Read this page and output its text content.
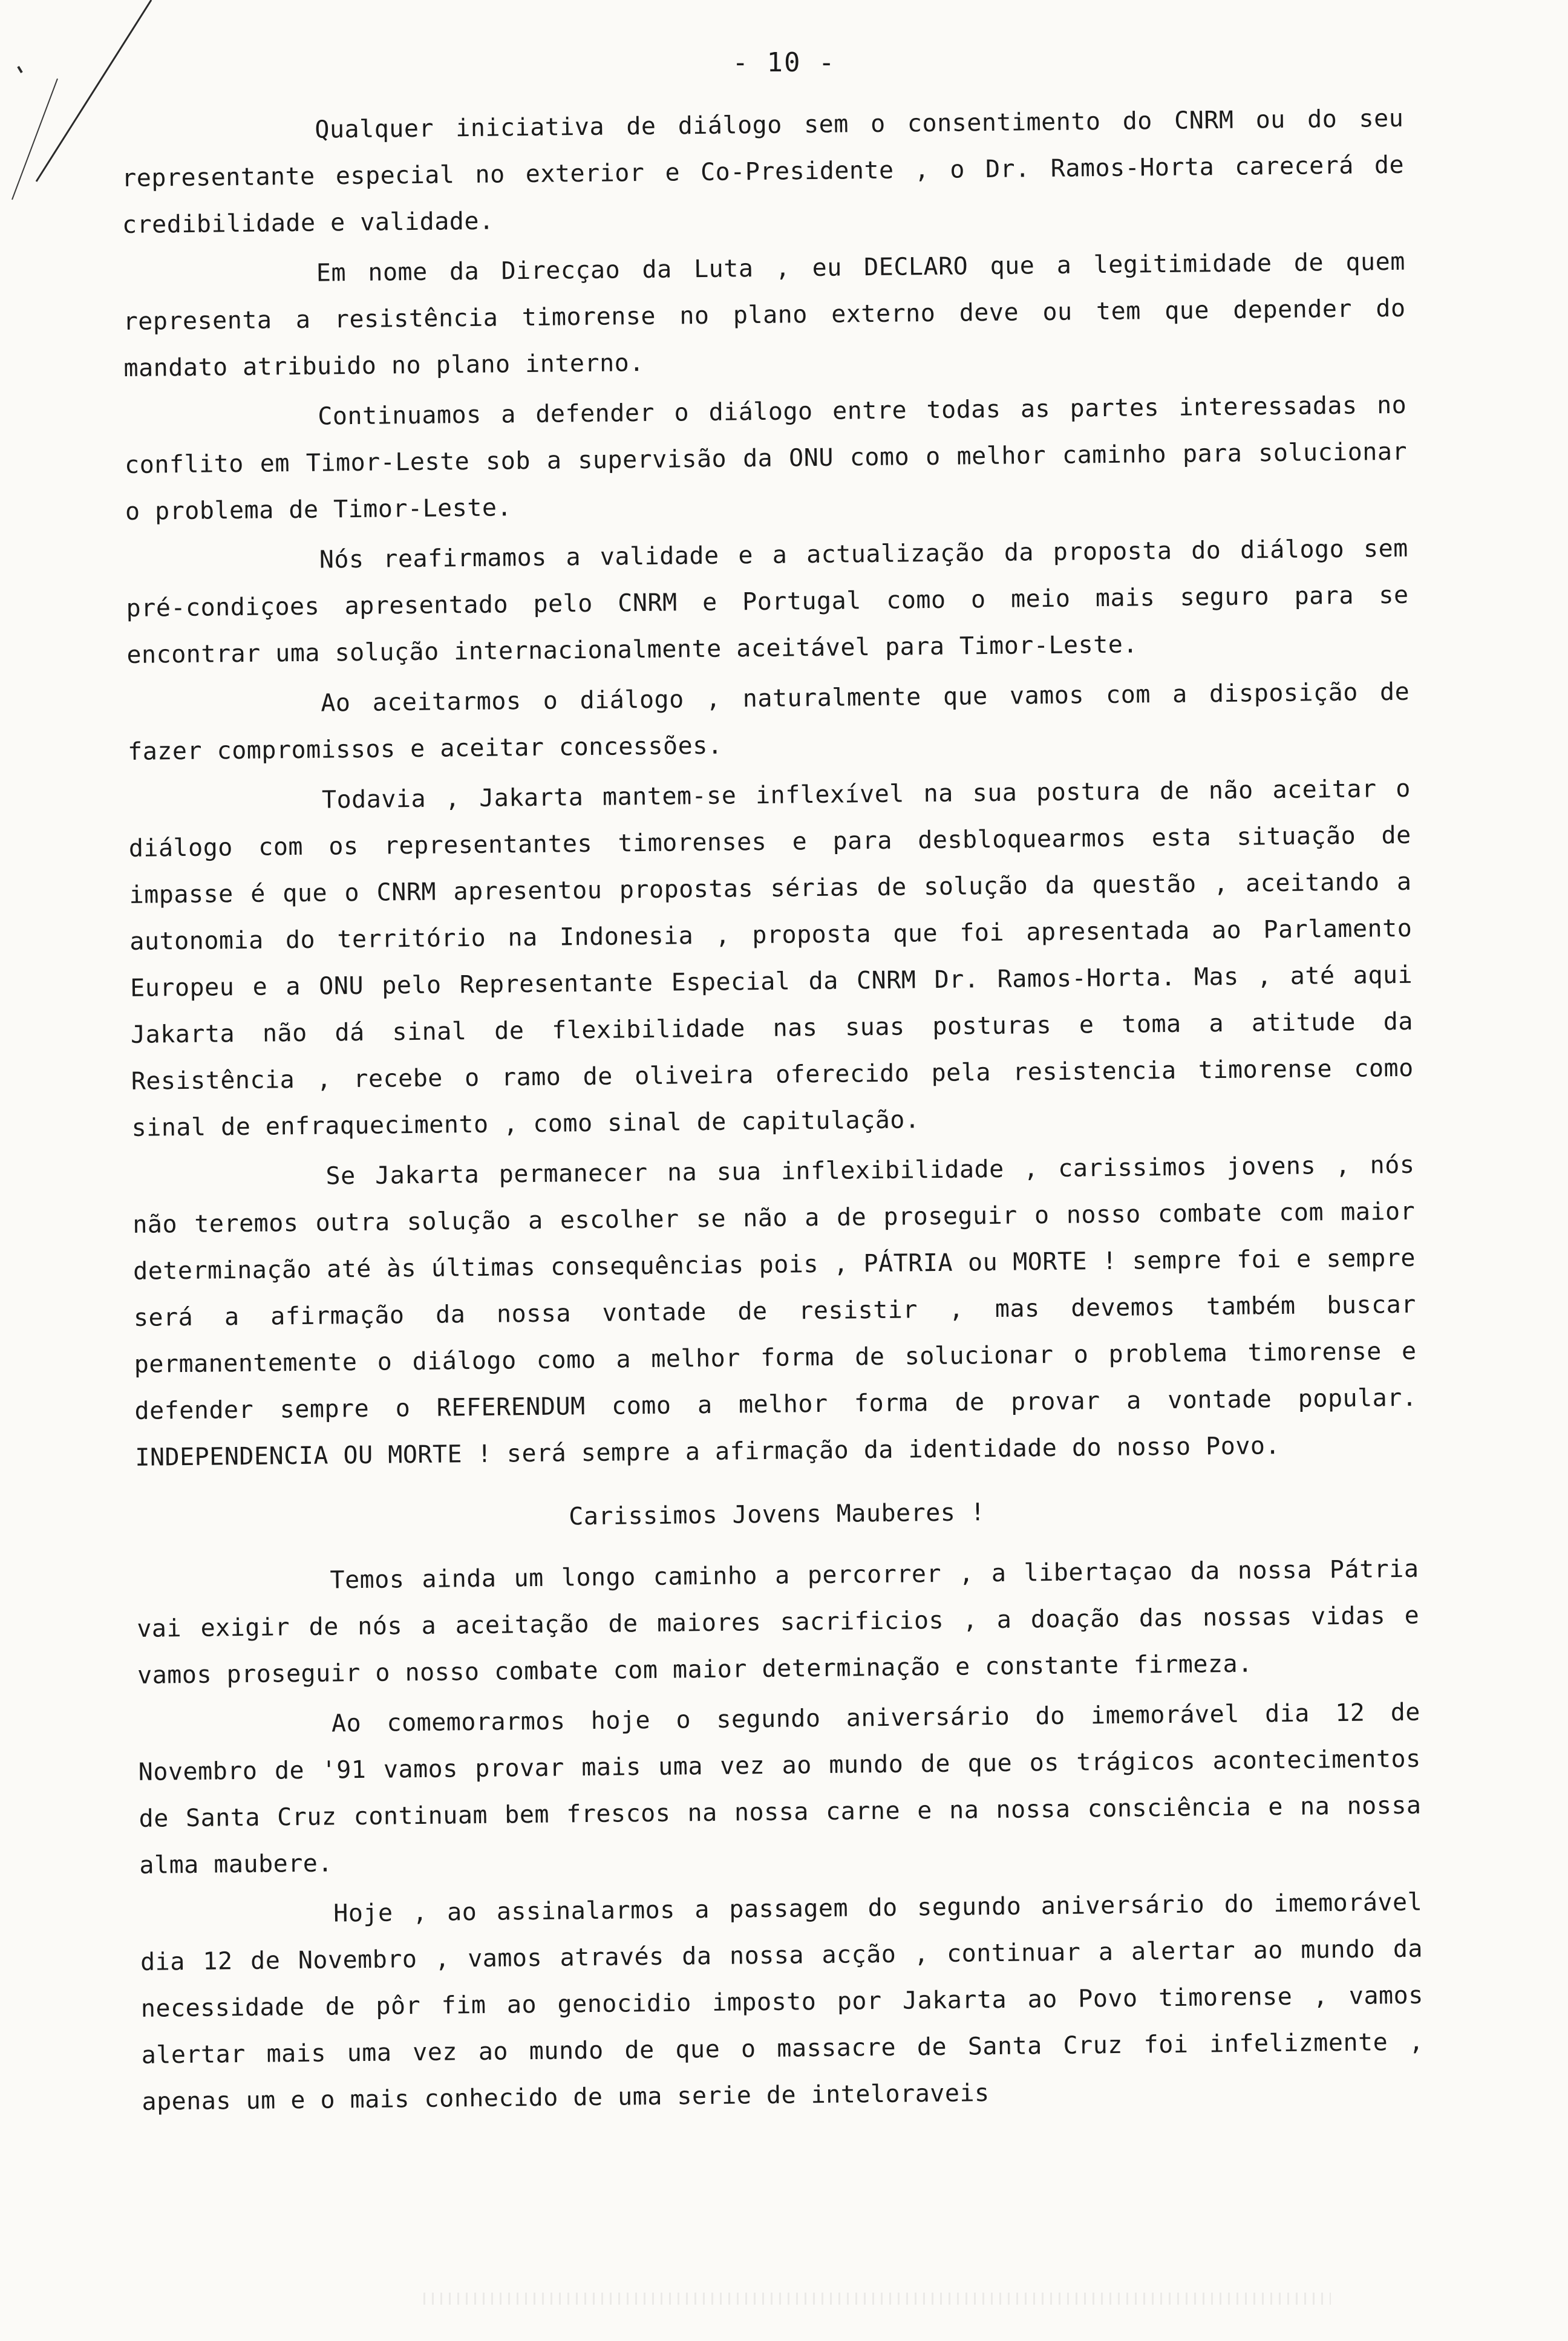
- 10 -

Qualquer iniciativa de diálogo sem o consentimento do CNRM ou do seu representante especial no exterior e Co-Presidente , o Dr. Ramos-Horta carecerá de credibilidade e validade.

Em nome da Direcçao da Luta , eu DECLARO que a legitimidade de quem representa a resistência timorense no plano externo deve ou tem que depender do mandato atribuido no plano interno.

Continuamos a defender o diálogo entre todas as partes interessadas no conflito em Timor-Leste sob a supervisão da ONU como o melhor caminho para solucionar o problema de Timor-Leste.

Nós reafirmamos a validade e a actualização da proposta do diálogo sem pré-condiçoes apresentado pelo CNRM e Portugal como o meio mais seguro para se encontrar uma solução internacionalmente aceitável para Timor-Leste.

Ao aceitarmos o diálogo , naturalmente que vamos com a disposição de fazer compromissos e aceitar concessões.

Todavia , Jakarta mantem-se inflexível na sua postura de não aceitar o diálogo com os representantes timorenses e para desbloquearmos esta situação de impasse é que o CNRM apresentou propostas sérias de solução da questão , aceitando a autonomia do território na Indonesia , proposta que foi apresentada ao Parlamento Europeu e a ONU pelo Representante Especial da CNRM Dr. Ramos-Horta. Mas , até aqui Jakarta não dá sinal de flexibilidade nas suas posturas e toma a atitude da Resistência , recebe o ramo de oliveira oferecido pela resistencia timorense como sinal de enfraquecimento , como sinal de capitulação.

Se Jakarta permanecer na sua inflexibilidade , carissimos jovens , nós não teremos outra solução a escolher se não a de proseguir o nosso combate com maior determinação até às últimas consequências pois , PÁTRIA ou MORTE ! sempre foi e sempre será a afirmação da nossa vontade de resistir , mas devemos também buscar permanentemente o diálogo como a melhor forma de solucionar o problema timorense e defender sempre o REFERENDUM como a melhor forma de provar a vontade popular. INDEPENDENCIA OU MORTE ! será sempre a afirmação da identidade do nosso Povo.

Carissimos Jovens Mauberes !

Temos ainda um longo caminho a percorrer , a libertaçao da nossa Pátria vai exigir de nós a aceitação de maiores sacrificios , a doação das nossas vidas e vamos proseguir o nosso combate com maior determinação e constante firmeza.

Ao comemorarmos hoje o segundo aniversário do imemorável dia 12 de Novembro de '91 vamos provar mais uma vez ao mundo de que os trágicos acontecimentos de Santa Cruz continuam bem frescos na nossa carne e na nossa consciência e na nossa alma maubere.

Hoje , ao assinalarmos a passagem do segundo aniversário do imemorável dia 12 de Novembro , vamos através da nossa acção , continuar a alertar ao mundo da necessidade de pôr fim ao genocidio imposto por Jakarta ao Povo timorense , vamos alertar mais uma vez ao mundo de que o massacre de Santa Cruz foi infelizmente , apenas um e o mais conhecido de uma serie de inteloraveis
